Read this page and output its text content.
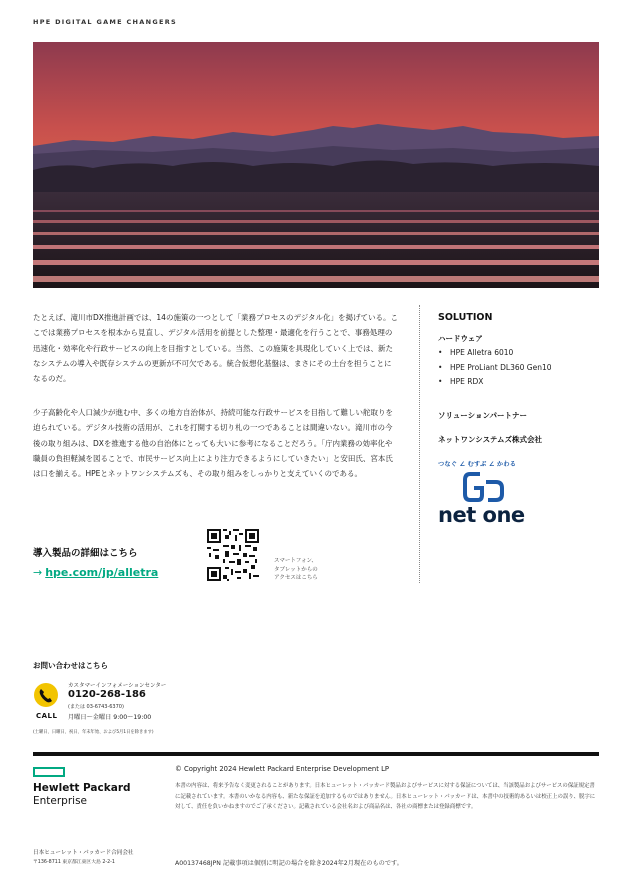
HPE DIGITAL GAME CHANGERS
たとえば、滝川市DX推進計画では、14の施策の一つとして「業務プロセスのデジタル化」を掲げている。ここでは業務プロセスを根本から見直し、デジタル活用を前提とした整理・最適化を行うことで、事務処理の迅速化・効率化や行政サービスの向上を目指すとしている。当然、この施策を具現化していく上では、新たなシステムの導入や既存システムの更新が不可欠である。統合仮想化基盤は、まさにその土台を担うことになるのだ。
少子高齢化や人口減少が進む中、多くの地方自治体が、持続可能な行政サービスを目指して難しい舵取りを迫られている。デジタル技術の活用が、これを打開する切り札の一つであることは間違いない。滝川市の今後の取り組みは、DXを推進する他の自治体にとっても大いに参考になることだろう。「庁内業務の効率化や職員の負担軽減を図ることで、市民サービス向上により注力できるようにしていきたい」と安田氏、宮本氏は口を揃える。HPEとネットワンシステムズも、その取り組みをしっかりと支えていくのである。
SOLUTION
ハードウェア
• HPE Alletra 6010
• HPE ProLiant DL360 Gen10
• HPE RDX
ソリューションパートナー
ネットワンシステムズ株式会社
つなぐ ∠ むすぶ ∠ かわる
net one
導入製品の詳細はこちら
→ hpe.com/jp/alletra
スマートフォン、
タブレットからの
アクセスはこちら
お問い合わせはこちら
CALL
カスタマーインフォメーションセンター
0120-268-186
(または 03-6743-6370)
月曜日～金曜日 9:00～19:00
(土曜日、日曜日、祝日、年末年始、および5月1日を除きます)
Hewlett Packard
Enterprise
© Copyright 2024 Hewlett Packard Enterprise Development LP
本書の内容は、将来予告なく変更されることがあります。日本ヒューレット・パッカード製品およびサービスに対する保証については、当該製品およびサービスの保証規定書に記載されています。本書のいかなる内容も、新たな保証を追加するものではありません。日本ヒューレット・パッカードは、本書中の技術的あるいは校正上の誤り、脱字に対して、責任を負いかねますのでご了承ください。記載されている会社名および商品名は、各社の商標または登録商標です。
日本ヒューレット・パッカード合同会社
〒136-8711 東京都江東区大島 2-2-1	A00137468JPN 記載事項は個別に明記の場合を除き2024年2月現在のものです。
